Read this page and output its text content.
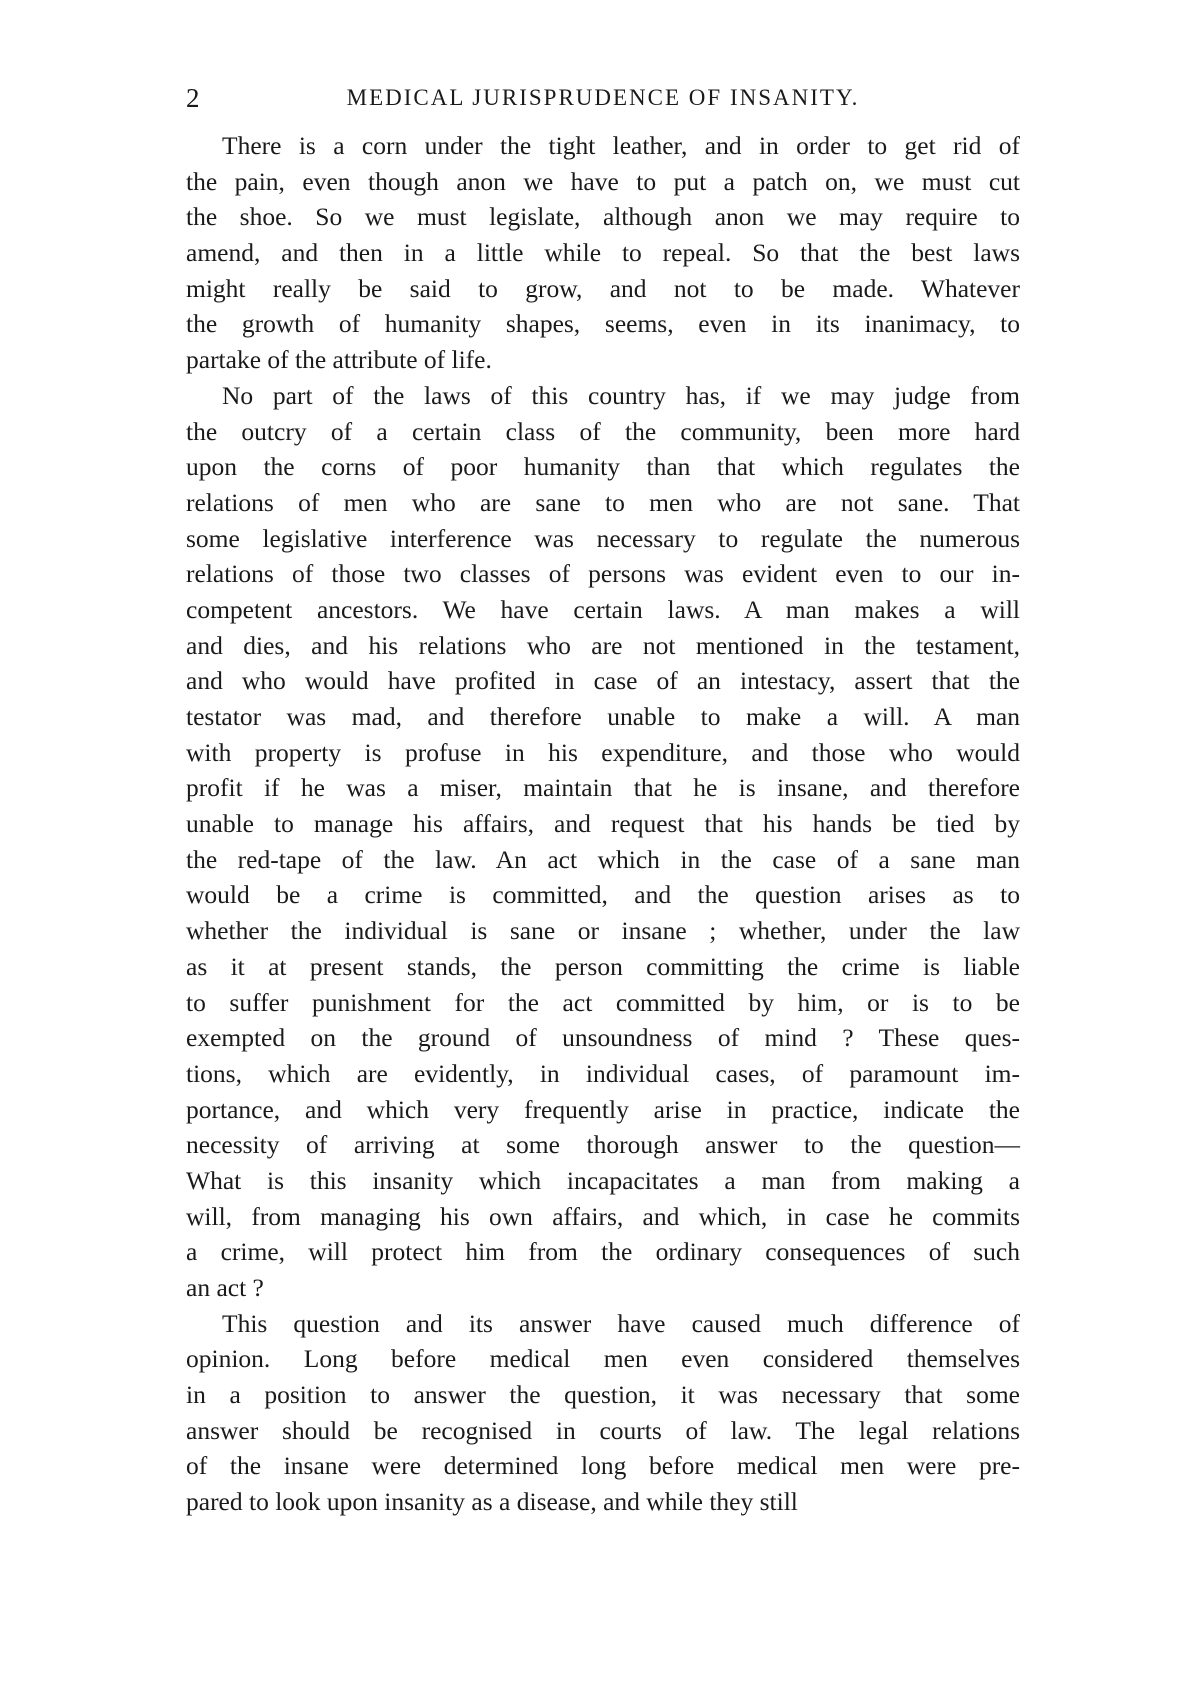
2	MEDICAL JURISPRUDENCE OF INSANITY.
There is a corn under the tight leather, and in order to get rid of
the pain, even though anon we have to put a patch on, we must cut
the shoe. So we must legislate, although anon we may require to
amend, and then in a little while to repeal. So that the best laws
might really be said to grow, and not to be made. Whatever
the growth of humanity shapes, seems, even in its inanimacy, to
partake of the attribute of life.
No part of the laws of this country has, if we may judge from
the outcry of a certain class of the community, been more hard
upon the corns of poor humanity than that which regulates the
relations of men who are sane to men who are not sane. That
some legislative interference was necessary to regulate the numerous
relations of those two classes of persons was evident even to our in-
competent ancestors. We have certain laws. A man makes a will
and dies, and his relations who are not mentioned in the testament,
and who would have profited in case of an intestacy, assert that the
testator was mad, and therefore unable to make a will. A man
with property is profuse in his expenditure, and those who would
profit if he was a miser, maintain that he is insane, and therefore
unable to manage his affairs, and request that his hands be tied by
the red-tape of the law. An act which in the case of a sane man
would be a crime is committed, and the question arises as to
whether the individual is sane or insane ; whether, under the law
as it at present stands, the person committing the crime is liable
to suffer punishment for the act committed by him, or is to be
exempted on the ground of unsoundness of mind ? These ques-
tions, which are evidently, in individual cases, of paramount im-
portance, and which very frequently arise in practice, indicate the
necessity of arriving at some thorough answer to the question—
What is this insanity which incapacitates a man from making a
will, from managing his own affairs, and which, in case he commits
a crime, will protect him from the ordinary consequences of such
an act ?
This question and its answer have caused much difference of
opinion. Long before medical men even considered themselves
in a position to answer the question, it was necessary that some
answer should be recognised in courts of law. The legal relations
of the insane were determined long before medical men were pre-
pared to look upon insanity as a disease, and while they still
